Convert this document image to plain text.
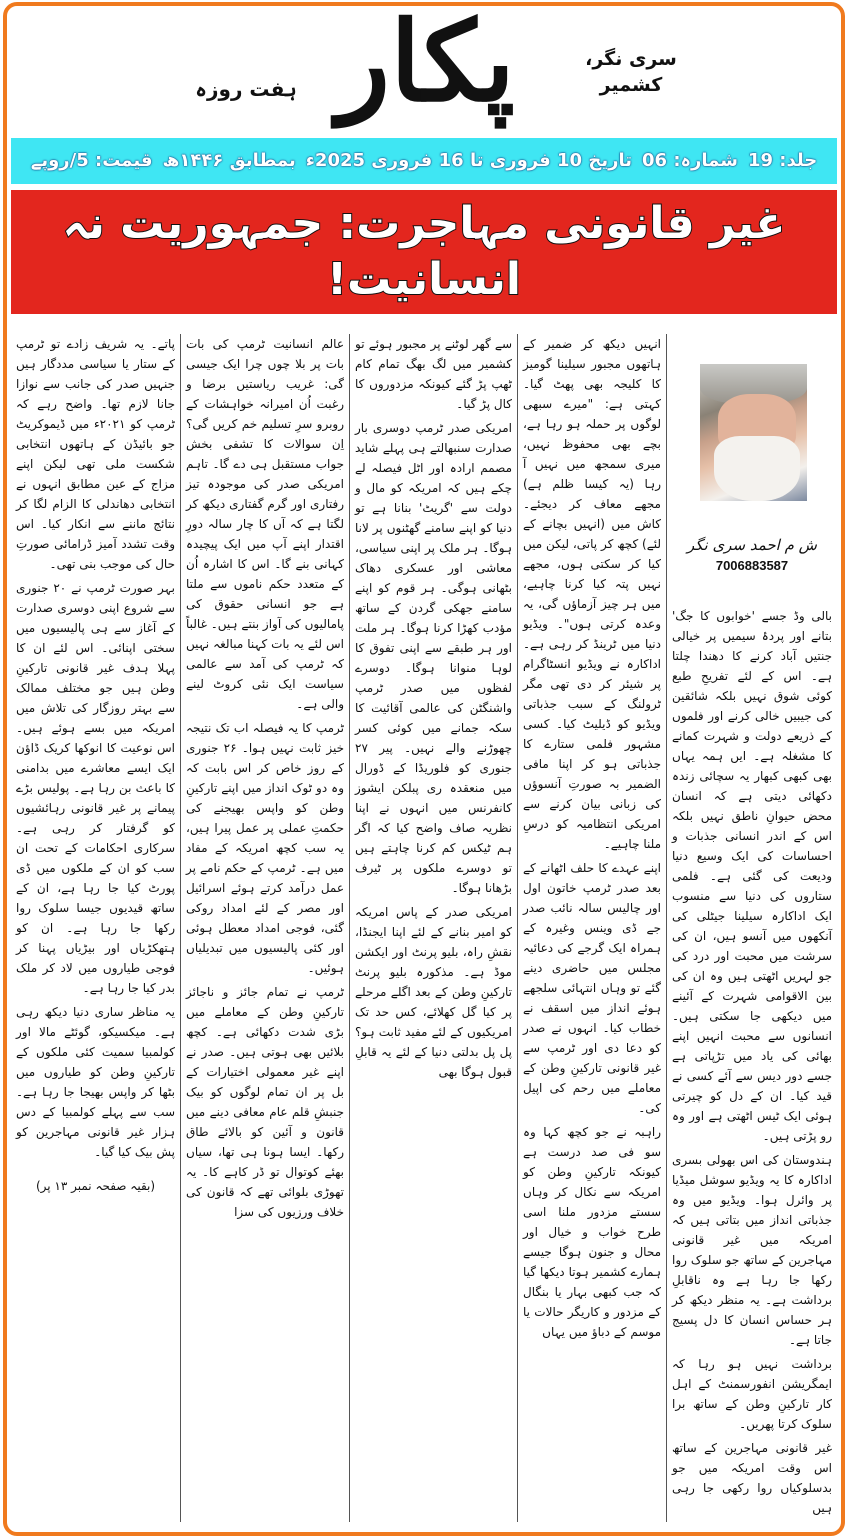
ہفت روزہ پکار	سری نگر، کشمیر
جلد: 19
شمارہ: 06
تاریخ 10 فروری تا 16 فروری 2025ء
بمطابق ۱۴۴۶ھ
قیمت: 5/روپے
غیر قانونی مہاجرت: جمہوریت نہ انسانیت!
ش م احمد سری نگر
7006883587

بالی وڈ جسے 'خوابوں کا جگ' بتانے اور پردۂ سیمیں پر خیالی جنتیں آباد کرنے کا دھندا چلتا ہے۔ اس کے لئے تفریحِ طبع کوئی شوق نہیں بلکہ شائقین کی جیبیں خالی کرنے اور فلموں کے ذریعے دولت و شہرت کمانے کا مشغلہ ہے۔ ایں ہمہ یہاں بھی کبھی کبھار یہ سچائی زندہ دکھائی دیتی ہے کہ انسان محض حیوانِ ناطق نہیں بلکہ اس کے اندر انسانی جذبات و احساسات کی ایک وسیع دنیا ودیعت کی گئی ہے۔ فلمی ستاروں کی دنیا سے منسوب ایک اداکارہ سیلینا جیٹلی کی آنکھوں میں آنسو ہیں، ان کی سرشت میں محبت اور درد کی جو لہریں اٹھتی ہیں وہ ان کی بین الاقوامی شہرت کے آئینے میں دیکھی جا سکتی ہیں۔ انسانوں سے محبت انہیں اپنے بھائی کی یاد میں تڑپاتی ہے جسے دور دیس سے آئے کسی نے قید کیا۔ ان کے دل کو چیرتی ہوئی ایک ٹیس اٹھتی ہے اور وہ رو پڑتی ہیں۔

ہندوستان کی اس بھولی بسری اداکارہ کا یہ ویڈیو سوشل میڈیا پر وائرل ہوا۔ ویڈیو میں وہ جذباتی انداز میں بتاتی ہیں کہ امریکہ میں غیر قانونی مہاجرین کے ساتھ جو سلوک روا رکھا جا رہا ہے وہ ناقابلِ برداشت ہے۔ یہ منظر دیکھ کر ہر حساس انسان کا دل پسیج جاتا ہے۔

برداشت نہیں ہو رہا کہ ایمگریشن انفورسمنٹ کے اہل کار تارکینِ وطن کے ساتھ برا سلوک کرتا پھریں۔

غیر قانونی مہاجرین کے ساتھ اس وقت امریکہ میں جو بدسلوکیاں روا رکھی جا رہی ہیں

انہیں دیکھ کر ضمیر کے ہاتھوں مجبور سیلینا گومیز کا کلیجہ بھی پھٹ گیا۔ کہتی ہے: "میرے سبھی لوگوں پر حملہ ہو رہا ہے، بچے بھی محفوظ نہیں، میری سمجھ میں نہیں آ رہا (یہ کیسا ظلم ہے) مجھے معاف کر دیجئے۔ کاش میں (انہیں بچانے کے لئے) کچھ کر پاتی، لیکن میں کیا کر سکتی ہوں، مجھے نہیں پتہ کیا کرنا چاہیے، میں ہر چیز آزماؤں گی، یہ وعدہ کرتی ہوں"۔ ویڈیو دنیا میں ٹرینڈ کر رہی ہے۔ اداکارہ نے ویڈیو انسٹاگرام پر شیئر کر دی تھی مگر ٹرولنگ کے سبب جذباتی ویڈیو کو ڈیلیٹ کیا۔ کسی مشہور فلمی ستارے کا جذباتی ہو کر اپنا مافی الضمیر بہ صورتِ آنسوؤں کی زبانی بیان کرنے سے امریکی انتظامیہ کو درسِ ملنا چاہیے۔

اپنے عہدے کا حلف اٹھانے کے بعد صدر ٹرمپ خاتون اول اور چالیس سالہ نائب صدر جے ڈی وینس وغیرہ کے ہمراہ ایک گرجے کی دعائیہ مجلس میں حاضری دینے گئے تو وہاں انتہائی سلجھے ہوئے انداز میں اسقف نے خطاب کیا۔ انہوں نے صدر کو دعا دی اور ٹرمپ سے غیر قانونی تارکینِ وطن کے معاملے میں رحم کی اپیل کی۔

راہبہ نے جو کچھ کہا وہ سو فی صد درست ہے کیونکہ تارکینِ وطن کو امریکہ سے نکال کر وہاں سستے مزدور ملنا اسی طرح خواب و خیال اور محال و جنون ہوگا جیسے ہمارے کشمیر ہوتا دیکھا گیا کہ جب کبھی بہار یا بنگال کے مزدور و کاریگر حالات یا موسم کے دباؤ میں یہاں

سے گھر لوٹنے پر مجبور ہوئے تو کشمیر میں لگ بھگ تمام کام ٹھپ پڑ گئے کیونکہ مزدوروں کا کال پڑ گیا۔

امریکی صدر ٹرمپ دوسری بار صدارت سنبھالتے ہی پہلے شاید مصمم ارادہ اور اٹل فیصلہ لے چکے ہیں کہ امریکہ کو مال و دولت سے 'گریٹ' بنانا ہے تو دنیا کو اپنے سامنے گھٹنوں پر لانا ہوگا۔ ہر ملک پر اپنی سیاسی، معاشی اور عسکری دھاک بٹھانی ہوگی۔ ہر قوم کو اپنے سامنے جھکی گردن کے ساتھ مؤدب کھڑا کرنا ہوگا۔ ہر ملت اور ہر طبقے سے اپنی تفوق کا لوہا منوانا ہوگا۔ دوسرے لفظوں میں صدر ٹرمپ واشنگٹن کی عالمی آقائیت کا سکہ جمانے میں کوئی کسر چھوڑنے والے نہیں۔ پیر ۲۷ جنوری کو فلوریڈا کے ڈورال میں منعقدہ ری پبلکن ایشوز کانفرنس میں انہوں نے اپنا نظریہ صاف واضح کیا کہ اگر ہم ٹیکس کم کرنا چاہتے ہیں تو دوسرے ملکوں پر ٹیرف بڑھانا ہوگا۔

امریکی صدر کے پاس امریکہ کو امیر بنانے کے لئے اپنا ایجنڈا، نقشِ راہ، بلیو پرنٹ اور ایکشن موڈ ہے۔ مذکورہ بلیو پرنٹ تارکینِ وطن کے بعد اگلے مرحلے پر کیا گل کھلائے، کس حد تک امریکیوں کے لئے مفید ثابت ہو؟ پل پل بدلتی دنیا کے لئے یہ قابلِ قبول ہوگا بھی

عالم انسانیت ٹرمپ کی بات بات پر بلا چوں چرا ایک جیسی گی: غریب ریاستیں برضا و رغبت اُن امیرانہ خواہشات کے روبرو سرِ تسلیم خم کریں گی؟ اِن سوالات کا تشفی بخش جواب مستقبل ہی دے گا۔ تاہم امریکی صدر کی موجودہ تیز رفتاری اور گرم گفتاری دیکھ کر لگتا ہے کہ آں کا چار سالہ دورِ اقتدار اپنے آپ میں ایک پیچیدہ کہانی بنے گا۔ اس کا اشارہ اُن کے متعدد حکم ناموں سے ملتا ہے جو انسانی حقوق کی پامالیوں کی آواز بنتے ہیں۔ غالباً اس لئے یہ بات کہنا مبالغہ نہیں کہ ٹرمپ کی آمد سے عالمی سیاست ایک نئی کروٹ لینے والی ہے۔

ٹرمپ کا یہ فیصلہ اب تک نتیجہ خیز ثابت نہیں ہوا۔ ۲۶ جنوری کے روز خاص کر اس بابت کہ وہ دو ٹوک انداز میں اپنے تارکینِ وطن کو واپس بھیجنے کی حکمتِ عملی پر عمل پیرا ہیں، یہ سب کچھ امریکہ کے مفاد میں ہے۔ ٹرمپ کے حکم نامے پر عمل درآمد کرتے ہوئے اسرائیل اور مصر کے لئے امداد روکی گئی، فوجی امداد معطل ہوئی اور کئی پالیسیوں میں تبدیلیاں ہوئیں۔

ٹرمپ نے تمام جائز و ناجائز تارکینِ وطن کے معاملے میں بڑی شدت دکھائی ہے۔ کچھ بلائیں بھی ہوتی ہیں۔ صدر نے اپنے غیر معمولی اختیارات کے بل پر ان تمام لوگوں کو بیک جنبشِ قلم عام معافی دینے میں قانون و آئین کو بالائے طاق رکھا۔ ایسا ہونا ہی تھا، سیاں بھئے کوتوال تو ڈر کاہے کا۔ یہ تھوڑی بلوائی تھے کہ قانون کی خلاف ورزیوں کی سزا

پاتے۔ یہ شریف زادے تو ٹرمپ کے ستار یا سیاسی مددگار ہیں جنہیں صدر کی جانب سے نوازا جانا لازم تھا۔ واضح رہے کہ ٹرمپ کو ۲۰۲۱ء میں ڈیموکریٹ جو بائیڈن کے ہاتھوں انتخابی شکست ملی تھی لیکن اپنے مزاج کے عین مطابق انہوں نے انتخابی دھاندلی کا الزام لگا کر نتائج ماننے سے انکار کیا۔ اس وقت تشدد آمیز ڈرامائی صورتِ حال کی موجب بنی تھی۔

بہر صورت ٹرمپ نے ۲۰ جنوری سے شروع اپنی دوسری صدارت کے آغاز سے ہی پالیسیوں میں سختی اپنائی۔ اس لئے ان کا پہلا ہدف غیر قانونی تارکینِ وطن ہیں جو مختلف ممالک سے بہتر روزگار کی تلاش میں امریکہ میں بسے ہوئے ہیں۔ اس نوعیت کا انوکھا کریک ڈاؤن ایک ایسے معاشرے میں بدامنی کا باعث بن رہا ہے۔ پولیس بڑے پیمانے پر غیر قانونی رہائشیوں کو گرفتار کر رہی ہے۔ سرکاری احکامات کے تحت ان سب کو ان کے ملکوں میں ڈی پورٹ کیا جا رہا ہے، ان کے ساتھ قیدیوں جیسا سلوک روا رکھا جا رہا ہے۔ ان کو ہتھکڑیاں اور بیڑیاں پہنا کر فوجی طیاروں میں لاد کر ملک بدر کیا جا رہا ہے۔

یہ مناظر ساری دنیا دیکھ رہی ہے۔ میکسیکو، گوئٹے مالا اور کولمبیا سمیت کئی ملکوں کے تارکینِ وطن کو طیاروں میں بٹھا کر واپس بھیجا جا رہا ہے۔ سب سے پہلے کولمبیا کے دس ہزار غیر قانونی مہاجرین کو پش بیک کیا گیا۔

(بقیہ صفحہ نمبر ۱۳ پر)
